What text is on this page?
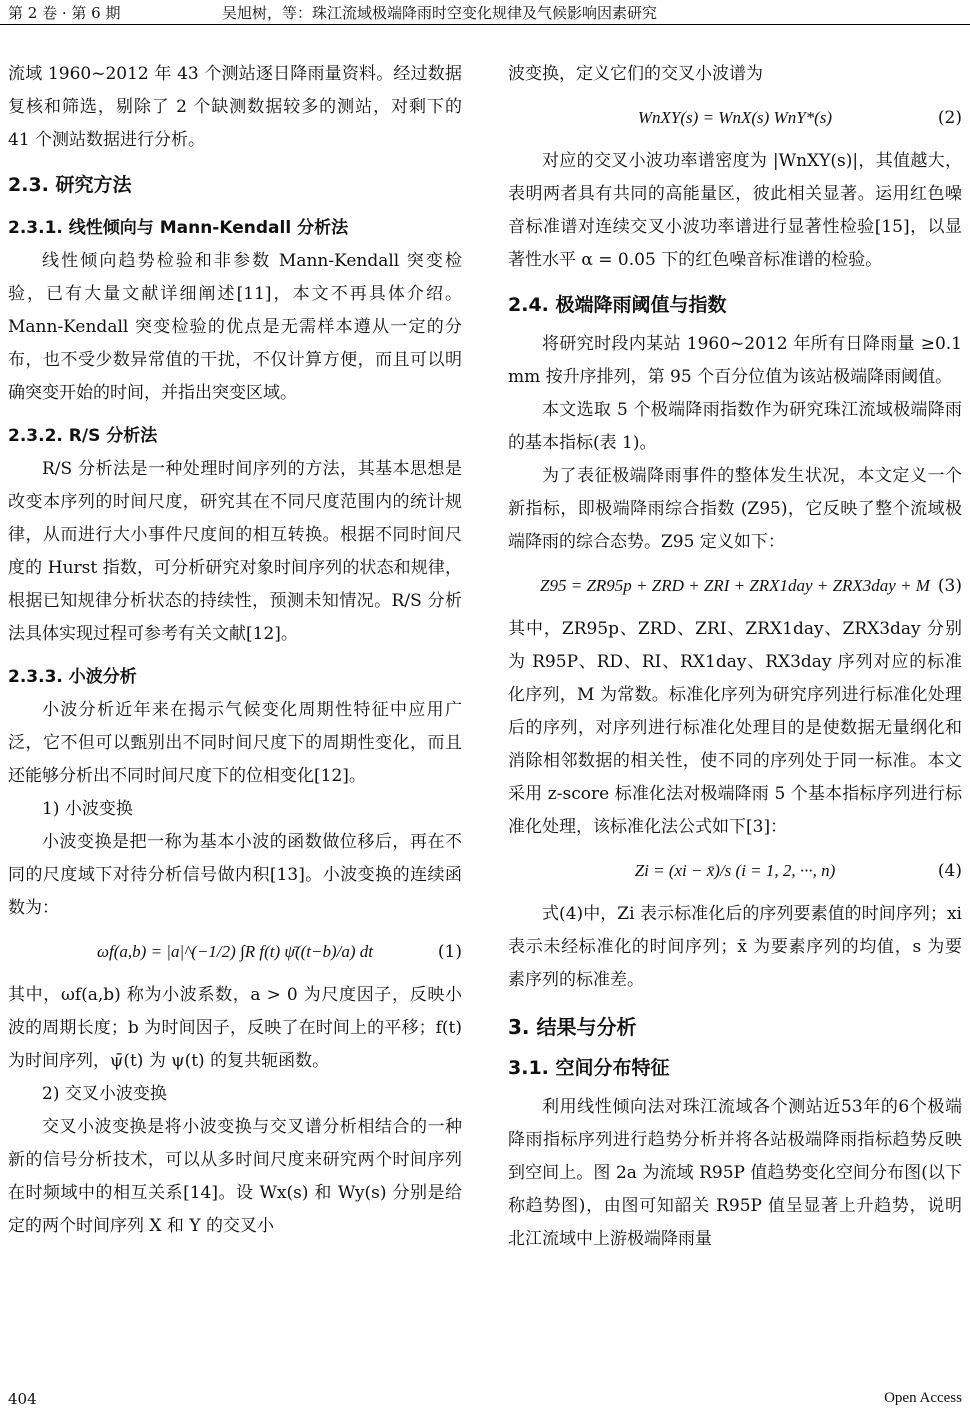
第 2 卷 · 第 6 期	吴旭树，等：珠江流域极端降雨时空变化规律及气候影响因素研究

流域 1960~2012 年 43 个测站逐日降雨量资料。经过数据复核和筛选，剔除了 2 个缺测数据较多的测站，对剩下的 41 个测站数据进行分析。

2.3. 研究方法

2.3.1. 线性倾向与 Mann-Kendall 分析法

线性倾向趋势检验和非参数 Mann-Kendall 突变检验，已有大量文献详细阐述[11]，本文不再具体介绍。Mann-Kendall 突变检验的优点是无需样本遵从一定的分布，也不受少数异常值的干扰，不仅计算方便，而且可以明确突变开始的时间，并指出突变区域。

2.3.2. R/S 分析法

R/S 分析法是一种处理时间序列的方法，其基本思想是改变本序列的时间尺度，研究其在不同尺度范围内的统计规律，从而进行大小事件尺度间的相互转换。根据不同时间尺度的 Hurst 指数，可分析研究对象时间序列的状态和规律，根据已知规律分析状态的持续性，预测未知情况。R/S 分析法具体实现过程可参考有关文献[12]。

2.3.3. 小波分析

小波分析近年来在揭示气候变化周期性特征中应用广泛，它不但可以甄别出不同时间尺度下的周期性变化，而且还能够分析出不同时间尺度下的位相变化[12]。

1) 小波变换

小波变换是把一称为基本小波的函数做位移后，再在不同的尺度域下对待分析信号做内积[13]。小波变换的连续函数为：

ωf(a,b) = |a|^(−1/2) ∫R f(t) ψ̄((t−b)/a) dt	(1)

其中，ωf(a,b) 称为小波系数，a > 0 为尺度因子，反映小波的周期长度；b 为时间因子，反映了在时间上的平移；f(t) 为时间序列，ψ̄(t) 为 ψ(t) 的复共轭函数。

2) 交叉小波变换

交叉小波变换是将小波变换与交叉谱分析相结合的一种新的信号分析技术，可以从多时间尺度来研究两个时间序列在时频域中的相互关系[14]。设 Wx(s) 和 Wy(s) 分别是给定的两个时间序列 X 和 Y 的交叉小

波变换，定义它们的交叉小波谱为

WnXY(s) = WnX(s) WnY*(s)	(2)

对应的交叉小波功率谱密度为 |WnXY(s)|，其值越大，表明两者具有共同的高能量区，彼此相关显著。运用红色噪音标准谱对连续交叉小波功率谱进行显著性检验[15]，以显著性水平 α = 0.05 下的红色噪音标准谱的检验。

2.4. 极端降雨阈值与指数

将研究时段内某站 1960~2012 年所有日降雨量 ≥0.1 mm 按升序排列，第 95 个百分位值为该站极端降雨阈值。

本文选取 5 个极端降雨指数作为研究珠江流域极端降雨的基本指标(表 1)。

为了表征极端降雨事件的整体发生状况，本文定义一个新指标，即极端降雨综合指数 (Z95)，它反映了整个流域极端降雨的综合态势。Z95 定义如下：

Z95 = ZR95p + ZRD + ZRI + ZRX1day + ZRX3day + M (3)

其中，ZR95p、ZRD、ZRI、ZRX1day、ZRX3day 分别为 R95P、RD、RI、RX1day、RX3day 序列对应的标准化序列，M 为常数。标准化序列为研究序列进行标准化处理后的序列，对序列进行标准化处理目的是使数据无量纲化和消除相邻数据的相关性，使不同的序列处于同一标准。本文采用 z-score 标准化法对极端降雨 5 个基本指标序列进行标准化处理，该标准化法公式如下[3]：

Zi = (xi − x̄)/s (i = 1, 2, ···, n)	(4)

式(4)中，Zi 表示标准化后的序列要素值的时间序列；xi 表示未经标准化的时间序列；x̄ 为要素序列的均值，s 为要素序列的标准差。

3. 结果与分析

3.1. 空间分布特征

利用线性倾向法对珠江流域各个测站近53年的6个极端降雨指标序列进行趋势分析并将各站极端降雨指标趋势反映到空间上。图 2a 为流域 R95P 值趋势变化空间分布图(以下称趋势图)，由图可知韶关 R95P 值呈显著上升趋势，说明北江流域中上游极端降雨量

404	Open Access
